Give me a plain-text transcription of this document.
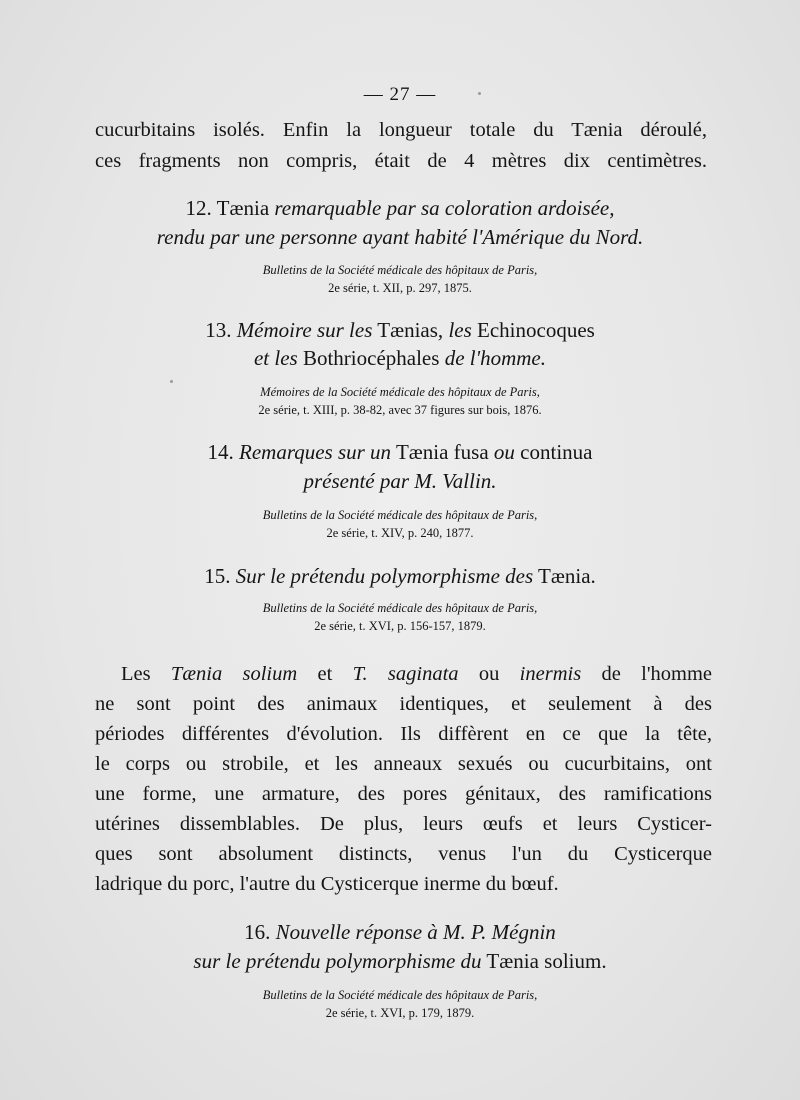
— 27 —
cucurbitains isolés. Enfin la longueur totale du Tænia déroulé,
ces fragments non compris, était de 4 mètres dix centimètres.
12. Tænia remarquable par sa coloration ardoisée,
rendu par une personne ayant habité l'Amérique du Nord.
Bulletins de la Société médicale des hôpitaux de Paris,
2e série, t. XII, p. 297, 1875.
13. Mémoire sur les Tænias, les Echinocoques
et les Bothriocéphales de l'homme.
Mémoires de la Société médicale des hôpitaux de Paris,
2e série, t. XIII, p. 38-82, avec 37 figures sur bois, 1876.
14. Remarques sur un Tænia fusa ou continua
présenté par M. Vallin.
Bulletins de la Société médicale des hôpitaux de Paris,
2e série, t. XIV, p. 240, 1877.
15. Sur le prétendu polymorphisme des Tænia.
Bulletins de la Société médicale des hôpitaux de Paris,
2e série, t. XVI, p. 156-157, 1879.
Les Tænia solium et T. saginata ou inermis de l'homme
ne sont point des animaux identiques, et seulement à des
périodes différentes d'évolution. Ils diffèrent en ce que la tête,
le corps ou strobile, et les anneaux sexués ou cucurbitains, ont
une forme, une armature, des pores génitaux, des ramifications
utérines dissemblables. De plus, leurs œufs et leurs Cysticer-
ques sont absolument distincts, venus l'un du Cysticerque
ladrique du porc, l'autre du Cysticerque inerme du bœuf.
16. Nouvelle réponse à M. P. Mégnin
sur le prétendu polymorphisme du Tænia solium.
Bulletins de la Société médicale des hôpitaux de Paris,
2e série, t. XVI, p. 179, 1879.
